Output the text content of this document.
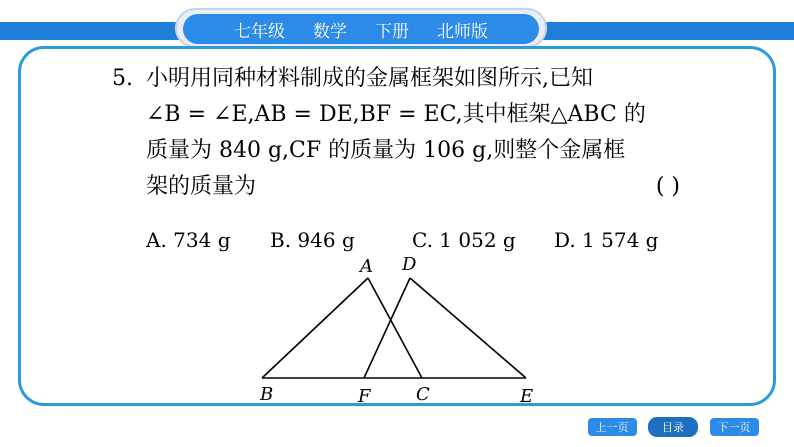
七年级 数学 下册 北师版
5. 小明用同种材料制成的金属框架如图所示,已知
∠B = ∠E,AB = DE,BF = EC,其中框架△ABC 的
质量为 840 g,CF 的质量为 106 g,则整个金属框
架的质量为	( )
A. 734 g	B. 946 g	C. 1 052 g	D. 1 574 g
A D
B	F	C	E
上一页	目录	下一页
